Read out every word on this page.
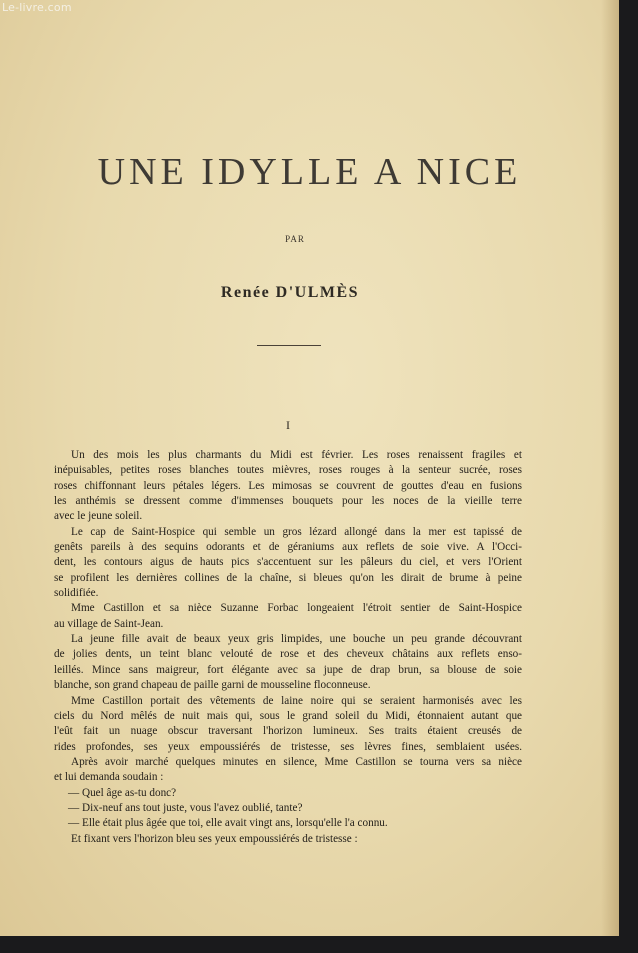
Le-livre.com
UNE IDYLLE A NICE
PAR
Renée D'ULMÈS
I
Un des mois les plus charmants du Midi est février. Les roses renaissent fragiles et
inépuisables, petites roses blanches toutes mièvres, roses rouges à la senteur sucrée, roses
roses chiffonnant leurs pétales légers. Les mimosas se couvrent de gouttes d'eau en fusions
les anthémis se dressent comme d'immenses bouquets pour les noces de la vieille terre
avec le jeune soleil.
Le cap de Saint-Hospice qui semble un gros lézard allongé dans la mer est tapissé de
genêts pareils à des sequins odorants et de géraniums aux reflets de soie vive. A l'Occi-
dent, les contours aigus de hauts pics s'accentuent sur les pâleurs du ciel, et vers l'Orient
se profilent les dernières collines de la chaîne, si bleues qu'on les dirait de brume à peine
solidifiée.
Mme Castillon et sa nièce Suzanne Forbac longeaient l'étroit sentier de Saint-Hospice
au village de Saint-Jean.
La jeune fille avait de beaux yeux gris limpides, une bouche un peu grande découvrant
de jolies dents, un teint blanc velouté de rose et des cheveux châtains aux reflets enso-
leillés. Mince sans maigreur, fort élégante avec sa jupe de drap brun, sa blouse de soie
blanche, son grand chapeau de paille garni de mousseline floconneuse.
Mme Castillon portait des vêtements de laine noire qui se seraient harmonisés avec les
ciels du Nord mêlés de nuit mais qui, sous le grand soleil du Midi, étonnaient autant que
l'eût fait un nuage obscur traversant l'horizon lumineux. Ses traits étaient creusés de
rides profondes, ses yeux empoussiérés de tristesse, ses lèvres fines, semblaient usées.
Après avoir marché quelques minutes en silence, Mme Castillon se tourna vers sa nièce
et lui demanda soudain :
— Quel âge as-tu donc?
— Dix-neuf ans tout juste, vous l'avez oublié, tante?
— Elle était plus âgée que toi, elle avait vingt ans, lorsqu'elle l'a connu.
Et fixant vers l'horizon bleu ses yeux empoussiérés de tristesse :
